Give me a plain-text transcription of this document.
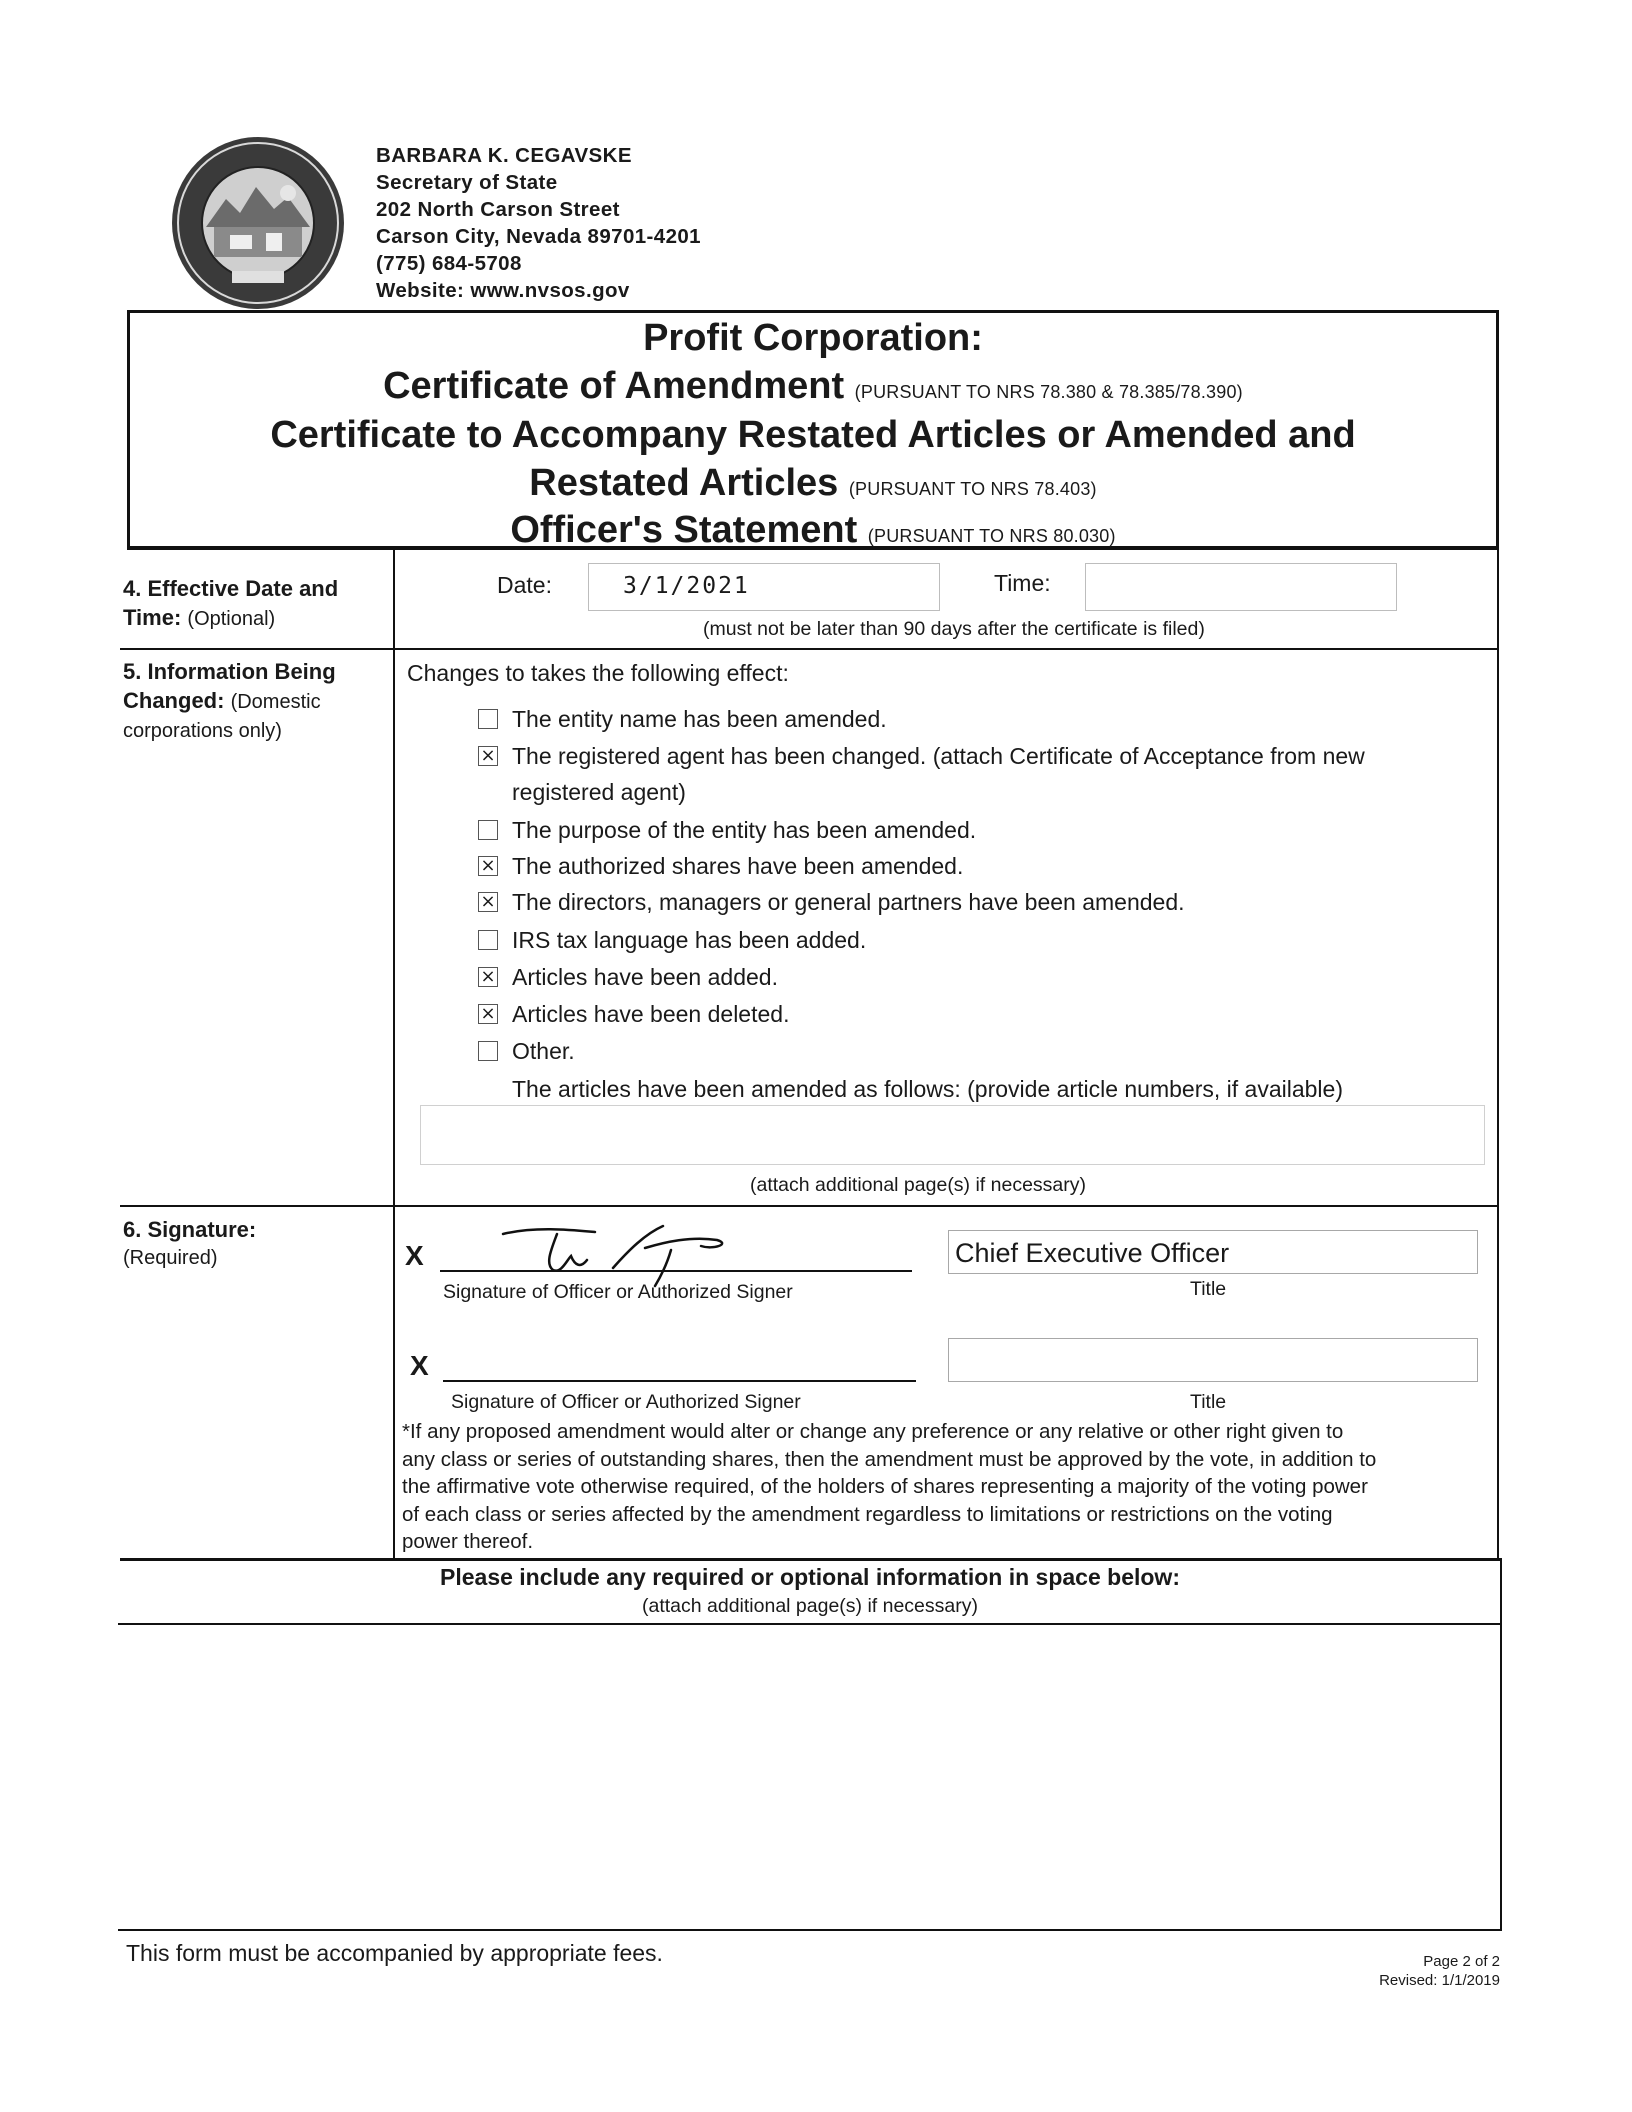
BARBARA K. CEGAVSKE
Secretary of State
202 North Carson Street
Carson City, Nevada 89701-4201
(775) 684-5708
Website: www.nvsos.gov
Profit Corporation:
Certificate of Amendment (PURSUANT TO NRS 78.380 & 78.385/78.390)
Certificate to Accompany Restated Articles or Amended and
Restated Articles (PURSUANT TO NRS 78.403)
Officer's Statement (PURSUANT TO NRS 80.030)
4. Effective Date and
Time: (Optional)
Date:	3/1/2021	Time:
(must not be later than 90 days after the certificate is filed)
5. Information Being
Changed: (Domestic
corporations only)
Changes to takes the following effect:
The entity name has been amended.
× The registered agent has been changed. (attach Certificate of Acceptance from new
registered agent)
The purpose of the entity has been amended.
× The authorized shares have been amended.
× The directors, managers or general partners have been amended.
IRS tax language has been added.
× Articles have been added.
× Articles have been deleted.
Other.
The articles have been amended as follows: (provide article numbers, if available)
(attach additional page(s) if necessary)
6. Signature:
(Required)	X
Signature of Officer or Authorized Signer
Chief Executive Officer
Title
X
Signature of Officer or Authorized Signer	Title
*If any proposed amendment would alter or change any preference or any relative or other right given to
any class or series of outstanding shares, then the amendment must be approved by the vote, in addition to
the affirmative vote otherwise required, of the holders of shares representing a majority of the voting power
of each class or series affected by the amendment regardless to limitations or restrictions on the voting
power thereof.
Please include any required or optional information in space below:
(attach additional page(s) if necessary)
This form must be accompanied by appropriate fees.	Page 2 of 2
Revised: 1/1/2019
